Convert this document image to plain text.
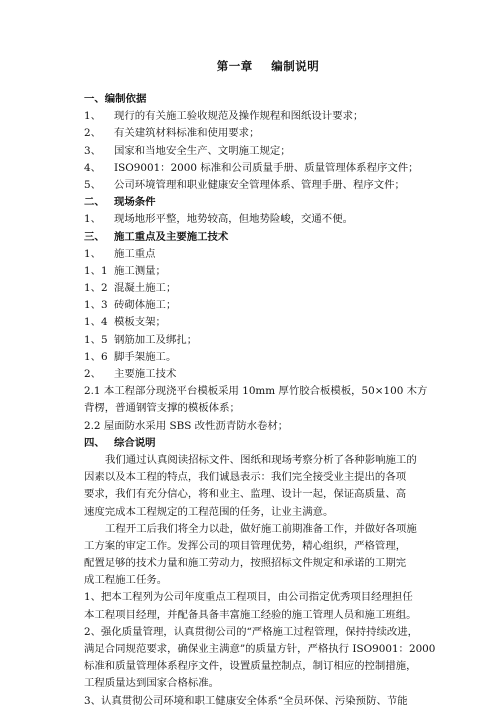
第一章 编制说明
一、编制依据
1、 现行的有关施工验收规范及操作规程和图纸设计要求；
2、 有关建筑材料标准和使用要求；
3、 国家和当地安全生产、文明施工规定；
4、 ISO9001：2000 标准和公司质量手册、质量管理体系程序文件；
5、 公司环境管理和职业健康安全管理体系、管理手册、程序文件；
二、 现场条件
1、 现场地形平整，地势较高，但地势险峻，交通不便。
三、 施工重点及主要施工技术
1、 施工重点
1、1 施工测量；
1、2 混凝土施工；
1、3 砖砌体施工；
1、4 模板支架；
1、5 钢筋加工及绑扎；
1、6 脚手架施工。
2、 主要施工技术
2.1 本工程部分现浇平台模板采用 10mm 厚竹胶合板模板，50×100 木方
背楞，普通钢管支撑的模板体系；
2.2 屋面防水采用 SBS 改性沥青防水卷材；
四、 综合说明
我们通过认真阅读招标文件、图纸和现场考察分析了各种影响施工的
因素以及本工程的特点，我们诚恳表示：我们完全接受业主提出的各项
要求，我们有充分信心，将和业主、监理、设计一起，保证高质量、高
速度完成本工程规定的工程范围的任务，让业主满意。
工程开工后我们将全力以赴，做好施工前期准备工作，并做好各项施
工方案的审定工作。发挥公司的项目管理优势，精心组织，严格管理，
配置足够的技术力量和施工劳动力，按照招标文件规定和承诺的工期完
成工程施工任务。
1、把本工程列为公司年度重点工程项目，由公司指定优秀项目经理担任
本工程项目经理，并配备具备丰富施工经验的施工管理人员和施工班组。
2、强化质量管理，认真贯彻公司的“严格施工过程管理，保持持续改进，
满足合同规范要求，确保业主满意”的质量方针，严格执行 ISO9001：2000
标准和质量管理体系程序文件，设置质量控制点，制订相应的控制措施，
工程质量达到国家合格标准。
3、认真贯彻公司环境和职工健康安全体系“全员环保、污染预防、节能
